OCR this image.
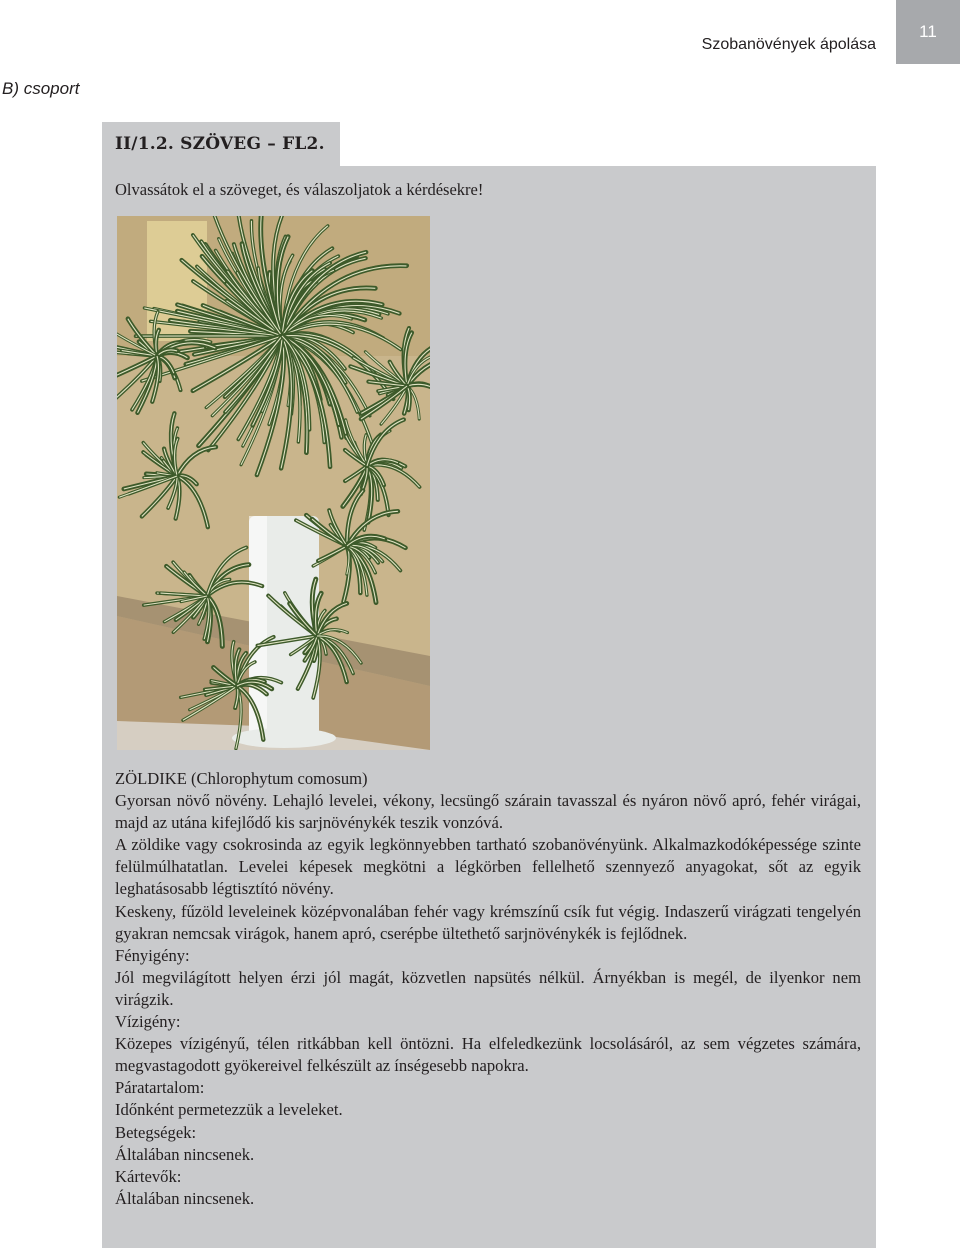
Szobanövények ápolása
11
B) csoport
II/1.2. SZÖVEG – FL2.
Olvassátok el a szöveget, és válaszoljatok a kérdésekre!

ZÖLDIKE (Chlorophytum comosum)

Gyorsan növő növény. Lehajló levelei, vékony, lecsüngő szárain tavasszal és nyáron növő apró, fehér virágai, majd az utána kifejlődő kis sarjnövénykék teszik vonzóvá.

A zöldike vagy csokrosinda az egyik legkönnyebben tartható szobanövényünk. Alkalmazkodóképessége szinte felülmúlhatatlan. Levelei képesek megkötni a légkörben fellelhető szennyező anyagokat, sőt az egyik leghatásosabb légtisztító növény.

Keskeny, fűzöld leveleinek középvonalában fehér vagy krémszínű csík fut végig. Indaszerű virágzati tengelyén gyakran nemcsak virágok, hanem apró, cserépbe ültethető sarjnövénykék is fejlődnek.

Fényigény:

Jól megvilágított helyen érzi jól magát, közvetlen napsütés nélkül. Árnyékban is megél, de ilyenkor nem virágzik.

Vízigény:

Közepes vízigényű, télen ritkábban kell öntözni. Ha elfeledkezünk locsolásáról, az sem végzetes számára, megvastagodott gyökereivel felkészült az ínségesebb napokra.

Páratartalom:

Időnként permetezzük a leveleket.

Betegségek:

Általában nincsenek.

Kártevők:

Általában nincsenek.
